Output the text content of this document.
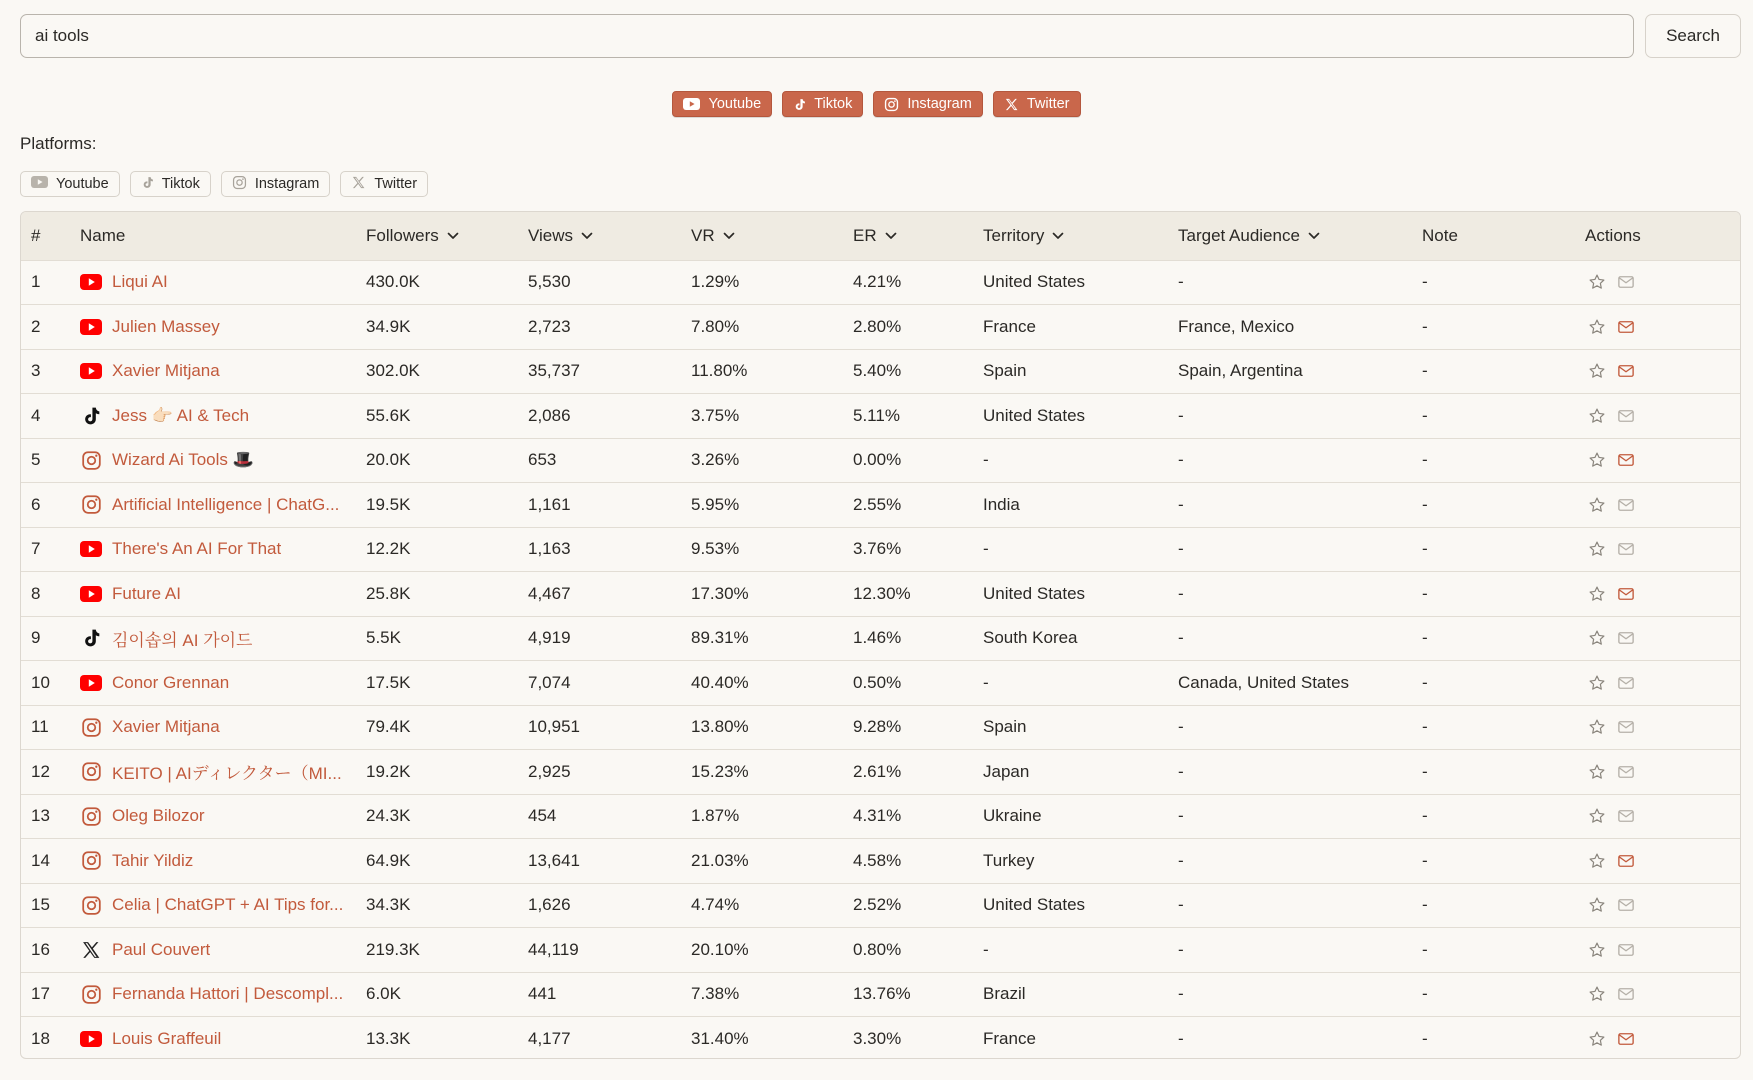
ai tools
Search
Youtube	Tiktok	Instagram	Twitter
Platforms:
Youtube	Tiktok	Instagram	Twitter
#	Name	Followers	Views	VR	ER	Territory	Target Audience	Note	Actions
1	Liqui AI	430.0K	5,530	1.29%	4.21%	United States	-	-	

2	Julien Massey	34.9K	2,723	7.80%	2.80%	France	France, Mexico	-	

3	Xavier Mitjana	302.0K	35,737	11.80%	5.40%	Spain	Spain, Argentina	-	

4	Jess 👉🏻 AI & Tech	55.6K	2,086	3.75%	5.11%	United States	-	-	

5	Wizard Ai Tools 🎩	20.0K	653	3.26%	0.00%	-	-	-	

6	Artificial Intelligence | ChatG...	19.5K	1,161	5.95%	2.55%	India	-	-	

7	There's An AI For That	12.2K	1,163	9.53%	3.76%	-	-	-	

8	Future AI	25.8K	4,467	17.30%	12.30%	United States	-	-	

9	김이솝의 AI 가이드	5.5K	4,919	89.31%	1.46%	South Korea	-	-	

10	Conor Grennan	17.5K	7,074	40.40%	0.50%	-	Canada, United States	-	

11	Xavier Mitjana	79.4K	10,951	13.80%	9.28%	Spain	-	-	

12	KEITO | AIディレクター（MI...	19.2K	2,925	15.23%	2.61%	Japan	-	-	

13	Oleg Bilozor	24.3K	454	1.87%	4.31%	Ukraine	-	-	

14	Tahir Yildiz	64.9K	13,641	21.03%	4.58%	Turkey	-	-	

15	Celia | ChatGPT + AI Tips for...	34.3K	1,626	4.74%	2.52%	United States	-	-	

16	Paul Couvert	219.3K	44,119	20.10%	0.80%	-	-	-	

17	Fernanda Hattori | Descompl...	6.0K	441	7.38%	13.76%	Brazil	-	-	

18	Louis Graffeuil	13.3K	4,177	31.40%	3.30%	France	-	-	
